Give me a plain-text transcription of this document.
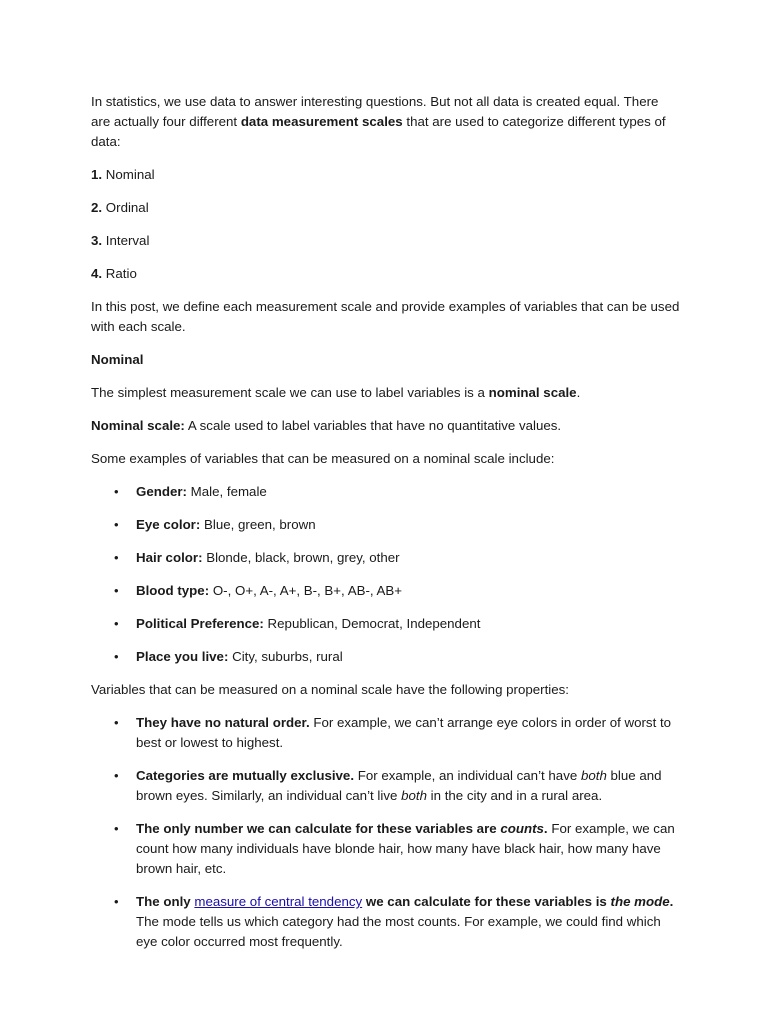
In statistics, we use data to answer interesting questions. But not all data is created equal. There are actually four different data measurement scales that are used to categorize different types of data:

1. Nominal

2. Ordinal

3. Interval

4. Ratio

In this post, we define each measurement scale and provide examples of variables that can be used with each scale.

Nominal

The simplest measurement scale we can use to label variables is a nominal scale.

Nominal scale: A scale used to label variables that have no quantitative values.

Some examples of variables that can be measured on a nominal scale include:

• Gender: Male, female
• Eye color: Blue, green, brown
• Hair color: Blonde, black, brown, grey, other
• Blood type: O-, O+, A-, A+, B-, B+, AB-, AB+
• Political Preference: Republican, Democrat, Independent
• Place you live: City, suburbs, rural

Variables that can be measured on a nominal scale have the following properties:

• They have no natural order. For example, we can’t arrange eye colors in order of worst to best or lowest to highest.
• Categories are mutually exclusive. For example, an individual can’t have both blue and brown eyes. Similarly, an individual can’t live both in the city and in a rural area.
• The only number we can calculate for these variables are counts. For example, we can count how many individuals have blonde hair, how many have black hair, how many have brown hair, etc.
• The only measure of central tendency we can calculate for these variables is the mode. The mode tells us which category had the most counts. For example, we could find which eye color occurred most frequently.
